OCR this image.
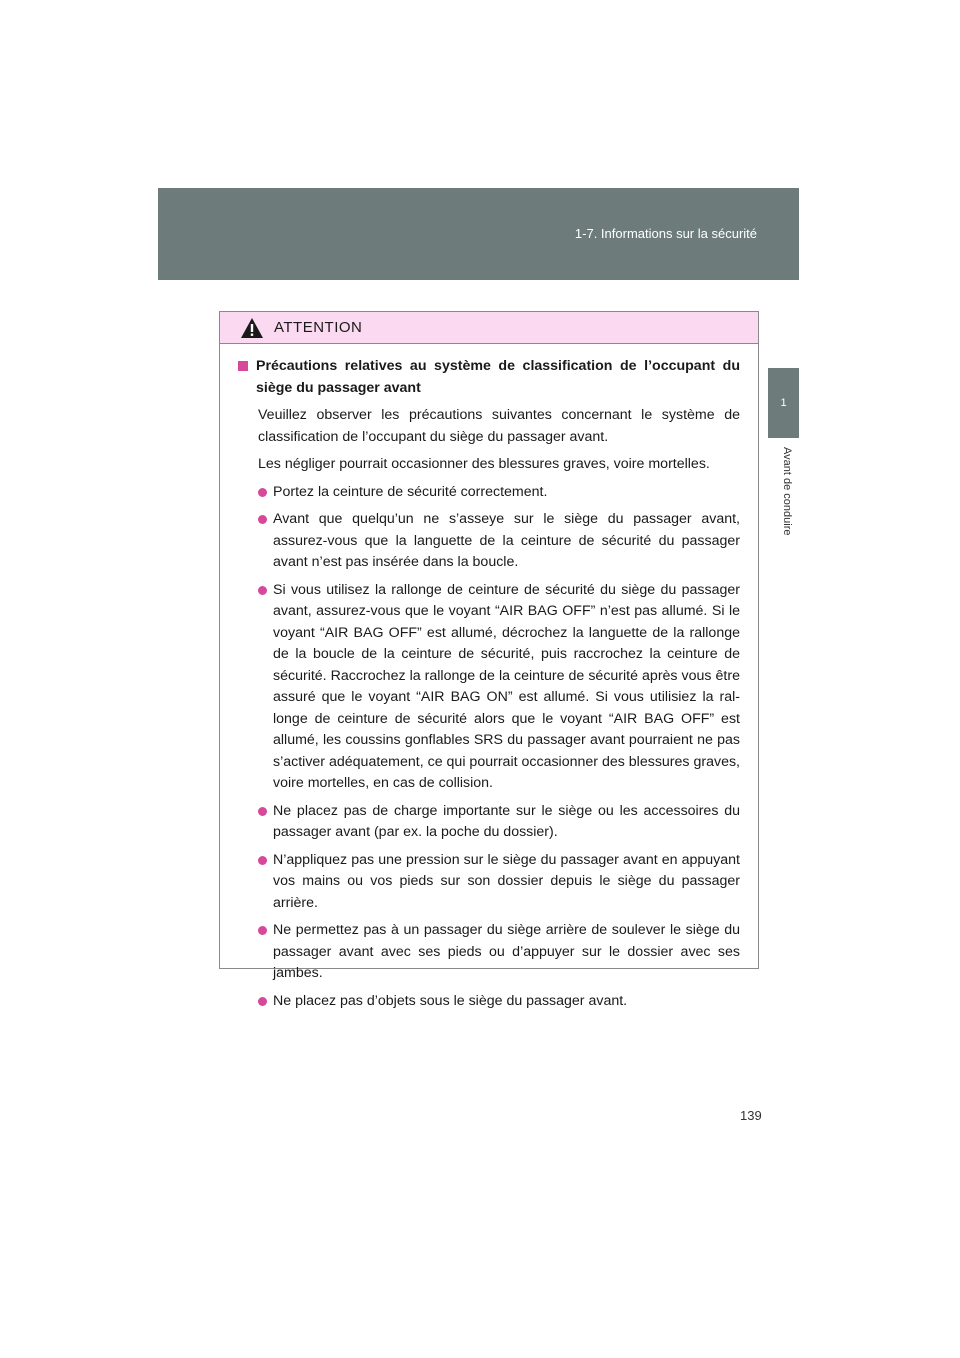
1-7. Informations sur la sécurité
1
Avant de conduire
ATTENTION
Précautions relatives au système de classification de l’occupant du siège du passager avant

Veuillez observer les précautions suivantes concernant le système de classification de l’occupant du siège du passager avant.

Les négliger pourrait occasionner des blessures graves, voire mortelles.

Portez la ceinture de sécurité correctement.
Avant que quelqu’un ne s’asseye sur le siège du passager avant, assurez-vous que la languette de la ceinture de sécurité du passager avant n’est pas insérée dans la boucle.
Si vous utilisez la rallonge de ceinture de sécurité du siège du passager avant, assurez-vous que le voyant “AIR BAG OFF” n’est pas allumé. Si le voyant “AIR BAG OFF” est allumé, décrochez la languette de la rallonge de la boucle de la ceinture de sécurité, puis raccrochez la ceinture de sécurité. Raccrochez la rallonge de la ceinture de sécurité après vous être assuré que le voyant “AIR BAG ON” est allumé. Si vous utilisiez la ral-longe de ceinture de sécurité alors que le voyant “AIR BAG OFF” est allumé, les coussins gonflables SRS du passager avant pourraient ne pas s’activer adéquatement, ce qui pourrait occasionner des blessures graves, voire mortelles, en cas de collision.
Ne placez pas de charge importante sur le siège ou les accessoires du passager avant (par ex. la poche du dossier).
N’appliquez pas une pression sur le siège du passager avant en appuyant vos mains ou vos pieds sur son dossier depuis le siège du passager arrière.
Ne permettez pas à un passager du siège arrière de soulever le siège du passager avant avec ses pieds ou d’appuyer sur le dossier avec ses jambes.
Ne placez pas d’objets sous le siège du passager avant.
139
